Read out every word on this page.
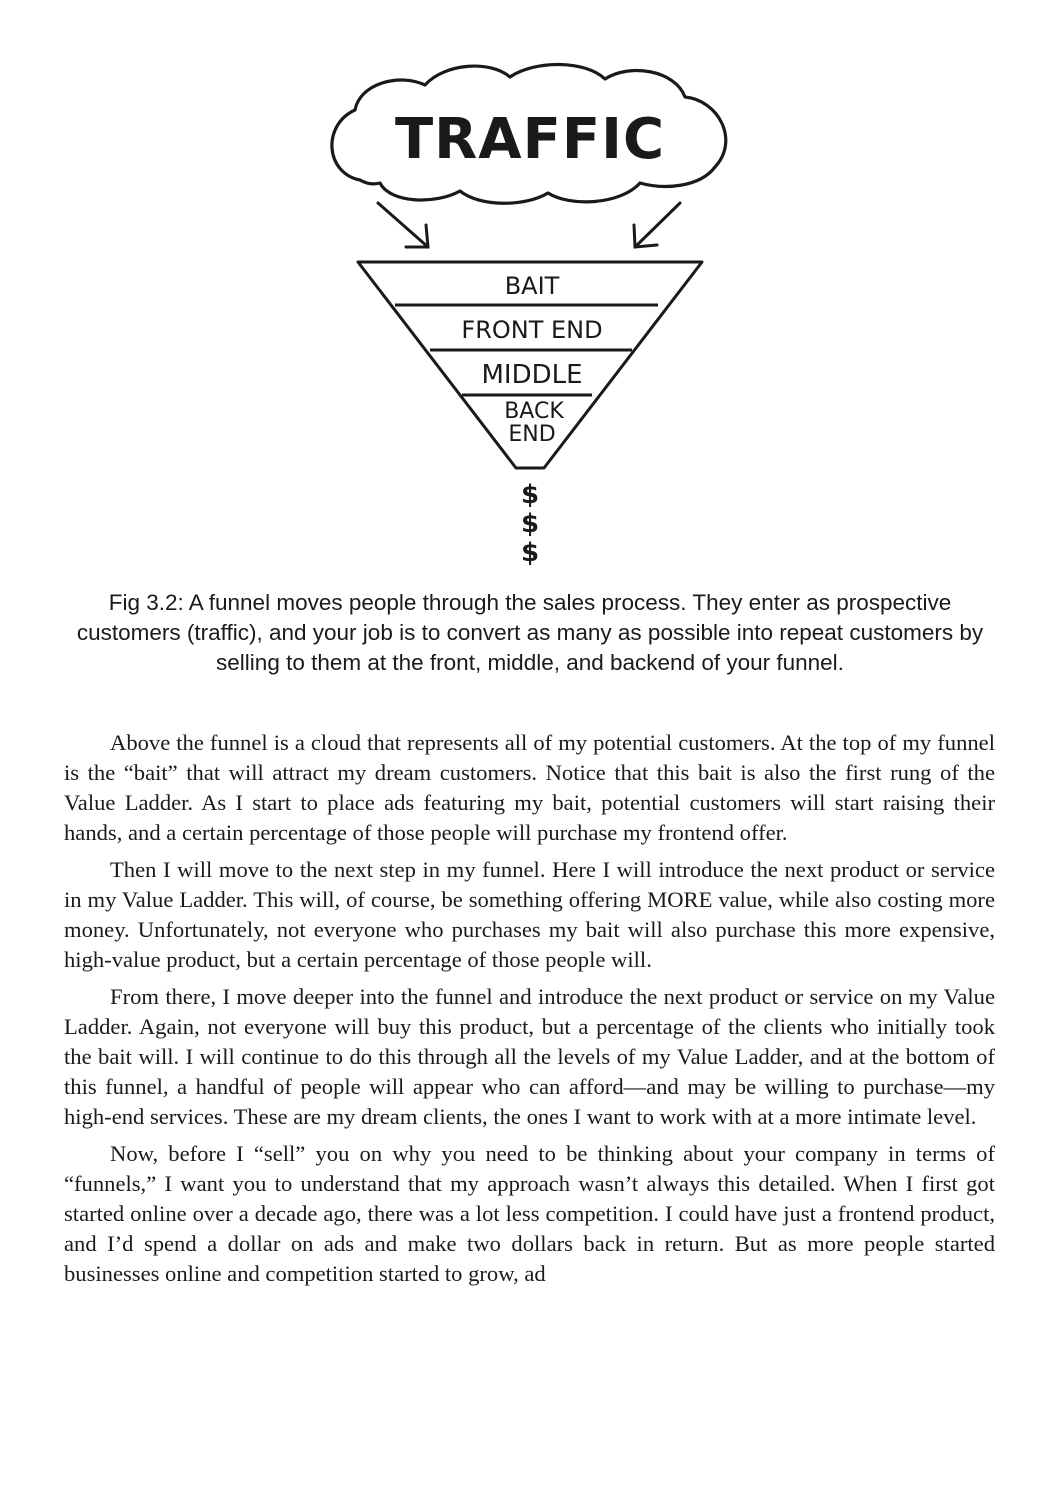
TRAFFIC
BAIT
FRONT END
MIDDLE
BACK
END
$
$
$

Fig 3.2: A funnel moves people through the sales process. They enter as prospective customers (traffic), and your job is to convert as many as possible into repeat customers by selling to them at the front, middle, and backend of your funnel.

Above the funnel is a cloud that represents all of my potential customers. At the top of my funnel is the “bait” that will attract my dream customers. Notice that this bait is also the first rung of the Value Ladder. As I start to place ads featuring my bait, potential customers will start raising their hands, and a certain percentage of those people will purchase my frontend offer.

Then I will move to the next step in my funnel. Here I will introduce the next product or service in my Value Ladder. This will, of course, be something offering MORE value, while also costing more money. Unfortunately, not everyone who purchases my bait will also purchase this more expensive, high-value product, but a certain percentage of those people will.

From there, I move deeper into the funnel and introduce the next product or service on my Value Ladder. Again, not everyone will buy this product, but a percentage of the clients who initially took the bait will. I will continue to do this through all the levels of my Value Ladder, and at the bottom of this funnel, a handful of people will appear who can afford—and may be willing to purchase—my high-end services. These are my dream clients, the ones I want to work with at a more intimate level.

Now, before I “sell” you on why you need to be thinking about your company in terms of “funnels,” I want you to understand that my approach wasn’t always this detailed. When I first got started online over a decade ago, there was a lot less competition. I could have just a frontend product, and I’d spend a dollar on ads and make two dollars back in return. But as more people started businesses online and competition started to grow, ad
